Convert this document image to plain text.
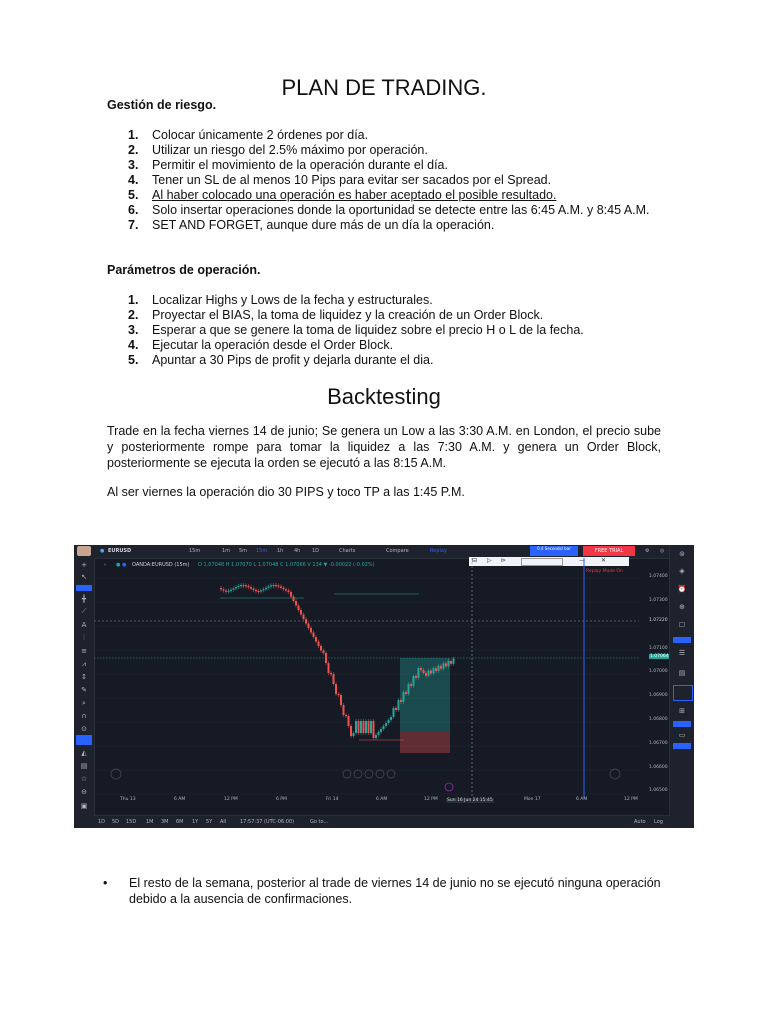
PLAN DE TRADING.
Gestión de riesgo.
1. Colocar únicamente 2 órdenes por día.
2. Utilizar un riesgo del 2.5% máximo por operación.
3. Permitir el movimiento de la operación durante el día.
4. Tener un SL de al menos 10 Pips para evitar ser sacados por el Spread.
5. Al haber colocado una operación es haber aceptado el posible resultado.
6. Solo insertar operaciones donde la oportunidad se detecte entre las 6:45 A.M. y 8:45 A.M.
7. SET AND FORGET, aunque dure más de un día la operación.
Parámetros de operación.
1. Localizar Highs y Lows de la fecha y estructurales.
2. Proyectar el BIAS, la toma de liquidez y la creación de un Order Block.
3. Esperar a que se genere la toma de liquidez sobre el precio H o L de la fecha.
4. Ejecutar la operación desde el Order Block.
5. Apuntar a 30 Pips de profit y dejarla durante el dia.
Backtesting
Trade en la fecha viernes 14 de junio; Se genera un Low a las 3:30 A.M. en London, el precio sube y posteriormente rompe para tomar la liquidez a las 7:30 A.M. y genera un Order Block, posteriormente se ejecuta la orden se ejecutó a las 8:15 A.M.
Al ser viernes la operación dio 30 PIPS y toco TP a las 1:45 P.M.
+
↖
╋
⟋
A
⫶
≡
⩘
↕
✎
⌕
∩
⊙
◭
▤
☆
⊖
▣
● EURUSD	15m	1m 5m 15m 1h 4h 1D	Charts	Compare	Replay	0.4 Seconds/ bar	FREE TRIAL	⚙ ◎
⊟ ▷ ⊳	—	✕
› ● ● OANDA:EURUSD (15m) O 1.07048 H 1.07070 L 1.07048 C 1.07066 V 134 ▼ -0.00022 (-0.02%)
Replay Mode On
1.07400
1.07300
1.07220
1.07100
1.07064
1.07000
1.06900
1.06800
1.06700
1.06600
1.06500
Thu 13	6 AM	12 PM	6 PM	Fri 14	6 AM	12 PM Sun 16 Jun 24 15:45	Mon 17	6 AM	12 PM
⊚
◈
⏰
⊕
☐
☰
▤
⊞
▭
1D 5D 15D 1M 3M 6M 1Y 5Y All	17:57:37 (UTC-06:00)	Go to...	Auto Log
• El resto de la semana, posterior al trade de viernes 14 de junio no se ejecutó ninguna operación debido a la ausencia de confirmaciones.
